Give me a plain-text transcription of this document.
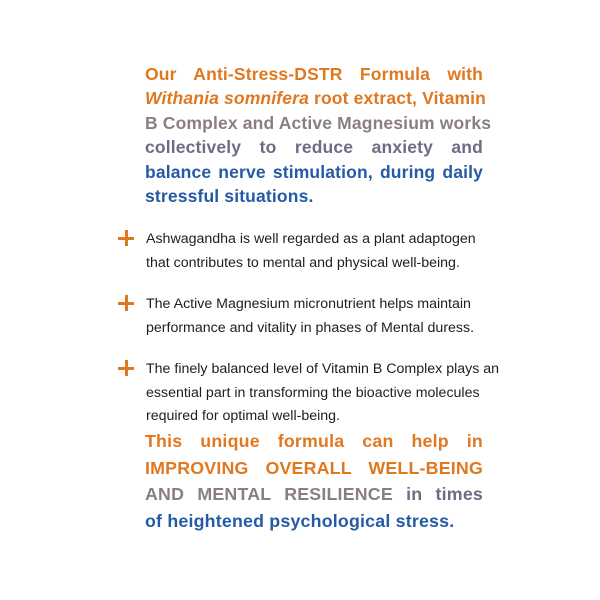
Our Anti-Stress-DSTR Formula with
Withania somnifera root extract, Vitamin
B Complex and Active Magnesium works
collectively to reduce anxiety and
balance nerve stimulation, during daily
stressful situations.
Ashwagandha is well regarded as a plant adaptogen
that contributes to mental and physical well-being.
The Active Magnesium micronutrient helps maintain
performance and vitality in phases of Mental duress.
The finely balanced level of Vitamin B Complex plays an
essential part in transforming the bioactive molecules
required for optimal well-being.
This unique formula can help in
IMPROVING OVERALL WELL-BEING
AND MENTAL RESILIENCE in times
of heightened psychological stress.
